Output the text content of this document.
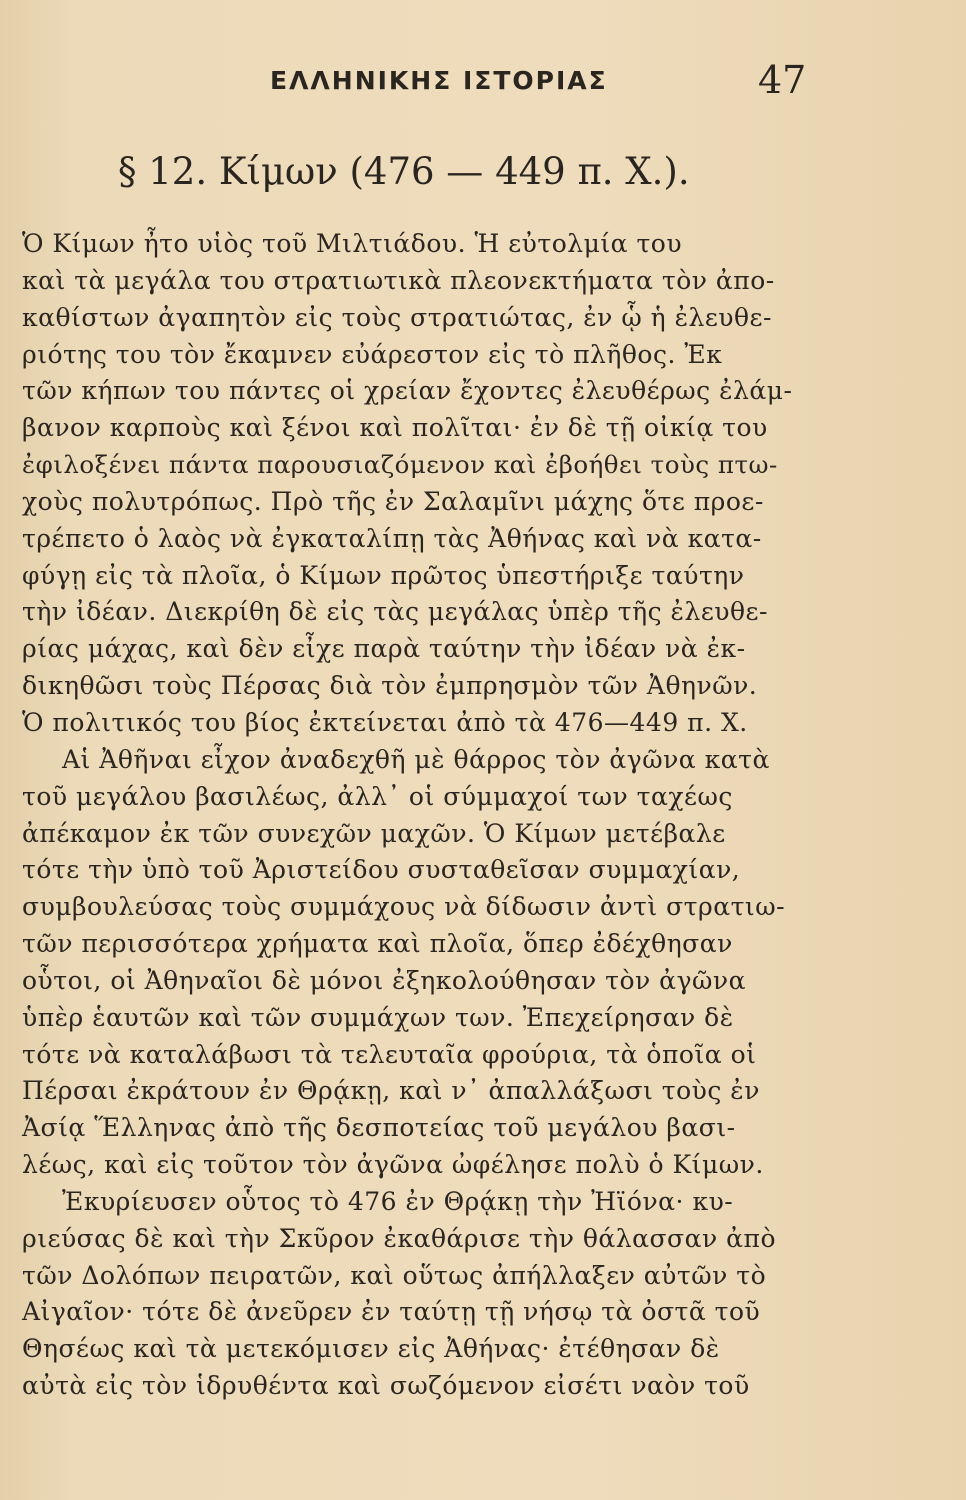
ΕΛΛΗΝΙΚΗΣ ΙΣΤΟΡΙΑΣ	47
§ 12. Κίμων (476 — 449 π. Χ.).
Ὁ Κίμων ἦτο υἱὸς τοῦ Μιλτιάδου. Ἡ εὐτολμία του
καὶ τὰ μεγάλα του στρατιωτικὰ πλεονεκτήματα τὸν ἀπο-
καθίστων ἀγαπητὸν εἰς τοὺς στρατιώτας, ἐν ᾧ ἡ ἐλευθε-
ριότης του τὸν ἔκαμνεν εὐάρεστον εἰς τὸ πλῆθος. Ἐκ
τῶν κήπων του πάντες οἱ χρείαν ἔχοντες ἐλευθέρως ἐλάμ-
βανον καρποὺς καὶ ξένοι καὶ πολῖται· ἐν δὲ τῇ οἰκίᾳ του
ἐφιλοξένει πάντα παρουσιαζόμενον καὶ ἐβοήθει τοὺς πτω-
χοὺς πολυτρόπως. Πρὸ τῆς ἐν Σαλαμῖνι μάχης ὅτε προε-
τρέπετο ὁ λαὸς νὰ ἐγκαταλίπῃ τὰς Ἀθήνας καὶ νὰ κατα-
φύγῃ εἰς τὰ πλοῖα, ὁ Κίμων πρῶτος ὑπεστήριξε ταύτην
τὴν ἰδέαν. Διεκρίθη δὲ εἰς τὰς μεγάλας ὑπὲρ τῆς ἐλευθε-
ρίας μάχας, καὶ δὲν εἶχε παρὰ ταύτην τὴν ἰδέαν νὰ ἐκ-
δικηθῶσι τοὺς Πέρσας διὰ τὸν ἐμπρησμὸν τῶν Ἀθηνῶν.
Ὁ πολιτικός του βίος ἐκτείνεται ἀπὸ τὰ 476—449 π. Χ.
Αἱ Ἀθῆναι εἶχον ἀναδεχθῆ μὲ θάρρος τὸν ἀγῶνα κατὰ
τοῦ μεγάλου βασιλέως, ἀλλ᾽ οἱ σύμμαχοί των ταχέως
ἀπέκαμον ἐκ τῶν συνεχῶν μαχῶν. Ὁ Κίμων μετέβαλε
τότε τὴν ὑπὸ τοῦ Ἀριστείδου συσταθεῖσαν συμμαχίαν,
συμβουλεύσας τοὺς συμμάχους νὰ δίδωσιν ἀντὶ στρατιω-
τῶν περισσότερα χρήματα καὶ πλοῖα, ὅπερ ἐδέχθησαν
οὗτοι, οἱ Ἀθηναῖοι δὲ μόνοι ἐξηκολούθησαν τὸν ἀγῶνα
ὑπὲρ ἑαυτῶν καὶ τῶν συμμάχων των. Ἐπεχείρησαν δὲ
τότε νὰ καταλάβωσι τὰ τελευταῖα φρούρια, τὰ ὁποῖα οἱ
Πέρσαι ἐκράτουν ἐν Θρᾴκῃ, καὶ ν᾽ ἀπαλλάξωσι τοὺς ἐν
Ἀσίᾳ Ἕλληνας ἀπὸ τῆς δεσποτείας τοῦ μεγάλου βασι-
λέως, καὶ εἰς τοῦτον τὸν ἀγῶνα ὠφέλησε πολὺ ὁ Κίμων.
Ἐκυρίευσεν οὗτος τὸ 476 ἐν Θρᾴκῃ τὴν Ἠϊόνα· κυ-
ριεύσας δὲ καὶ τὴν Σκῦρον ἐκαθάρισε τὴν θάλασσαν ἀπὸ
τῶν Δολόπων πειρατῶν, καὶ οὕτως ἀπήλλαξεν αὐτῶν τὸ
Αἰγαῖον· τότε δὲ ἀνεῦρεν ἐν ταύτῃ τῇ νήσῳ τὰ ὀστᾶ τοῦ
Θησέως καὶ τὰ μετεκόμισεν εἰς Ἀθήνας· ἐτέθησαν δὲ
αὐτὰ εἰς τὸν ἱδρυθέντα καὶ σωζόμενον εἰσέτι ναὸν τοῦ
